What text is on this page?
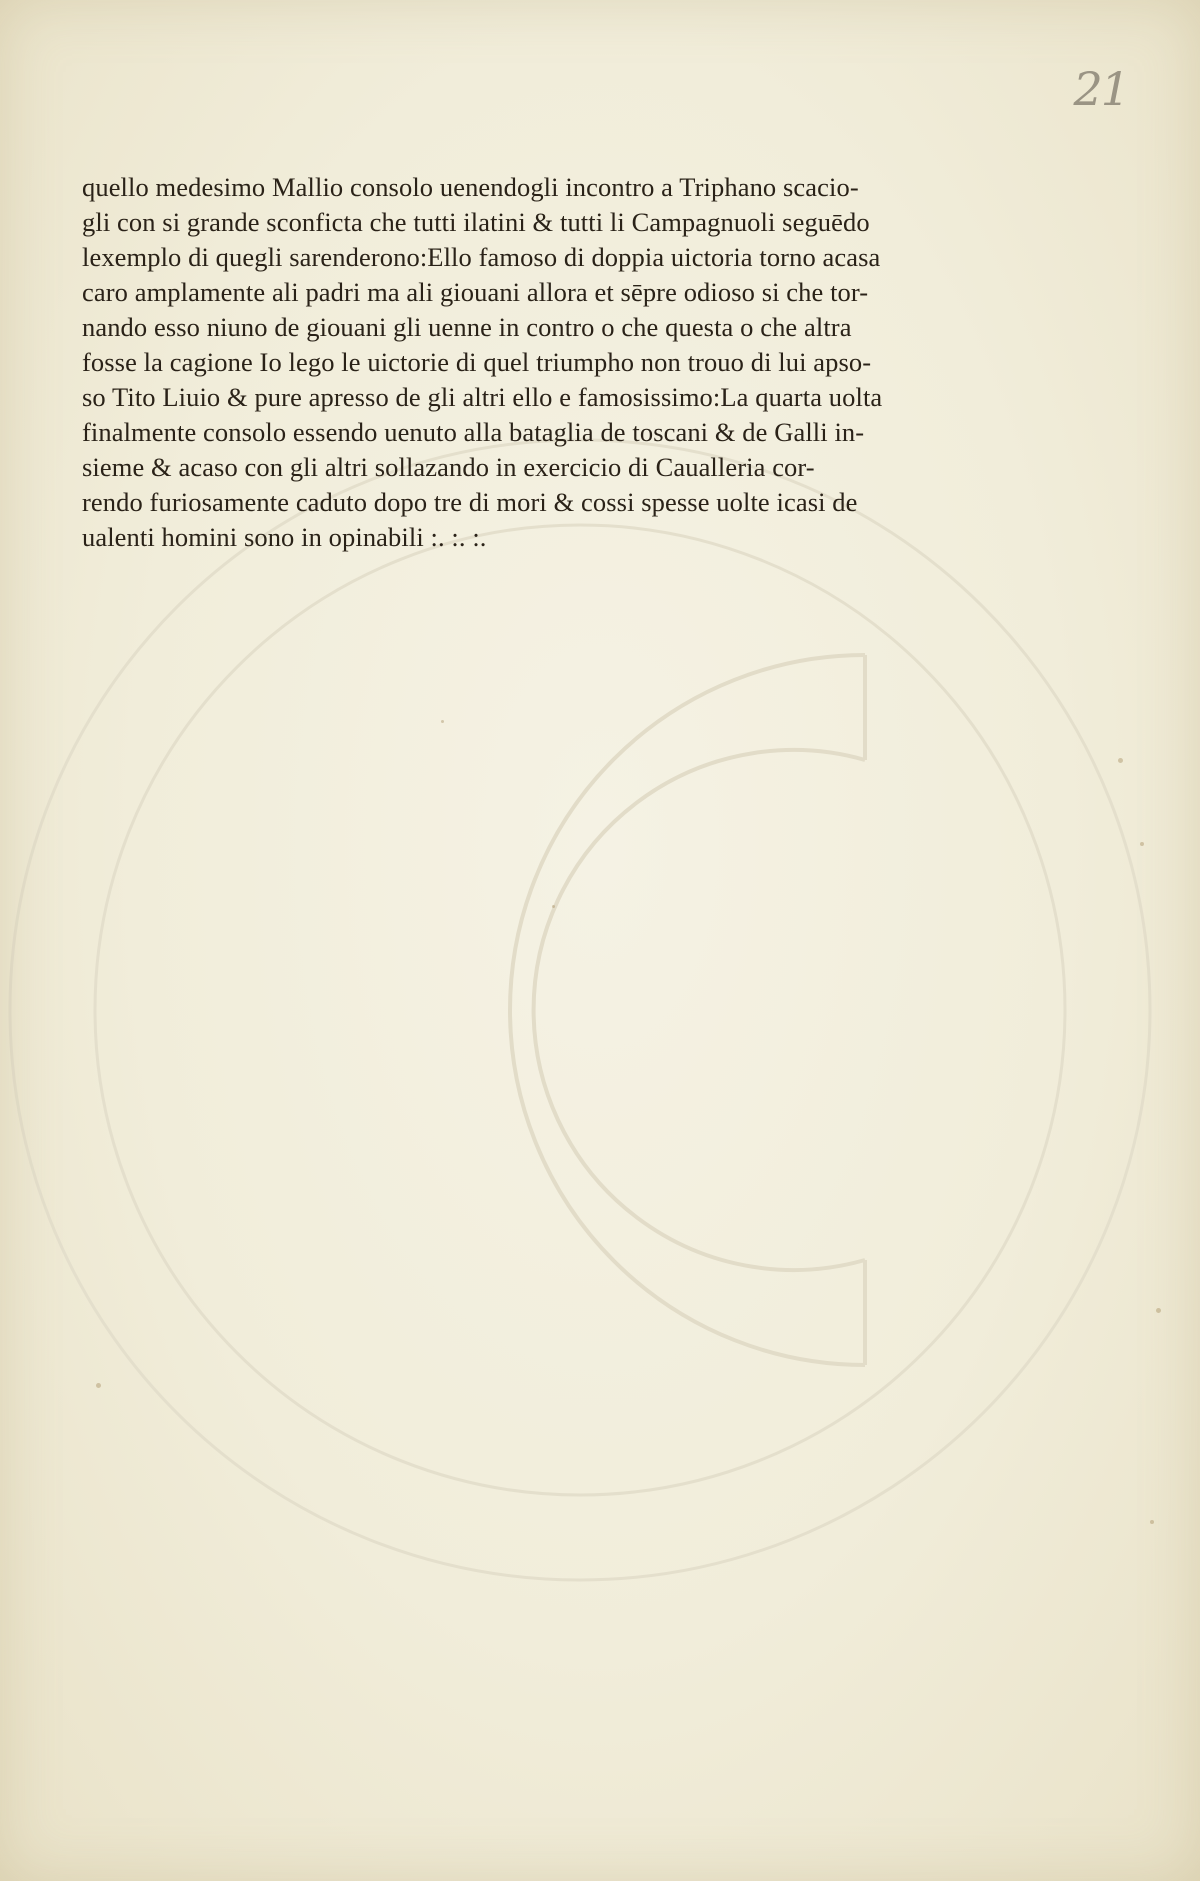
21
quello medesimo Mallio consolo uenendogli incontro a Triphano scacio-
gli con si grande sconficta che tutti ilatini & tutti li Campagnuoli seguēdo
lexemplo di quegli sarenderono:Ello famoso di doppia uictoria torno acasa
caro amplamente ali padri ma ali giouani allora et sēpre odioso si che tor-
nando esso niuno de giouani gli uenne in contro o che questa o che altra
fosse la cagione Io lego le uictorie di quel triumpho non trouo di lui apso-
so Tito Liuio & pure apresso de gli altri ello e famosissimo:La quarta uolta
finalmente consolo essendo uenuto alla bataglia de toscani & de Galli in-
sieme & acaso con gli altri sollazando in exercicio di Caualleria cor-
rendo furiosamente caduto dopo tre di mori & cossi spesse uolte icasi de
ualenti homini sono in opinabili :. :. :.
